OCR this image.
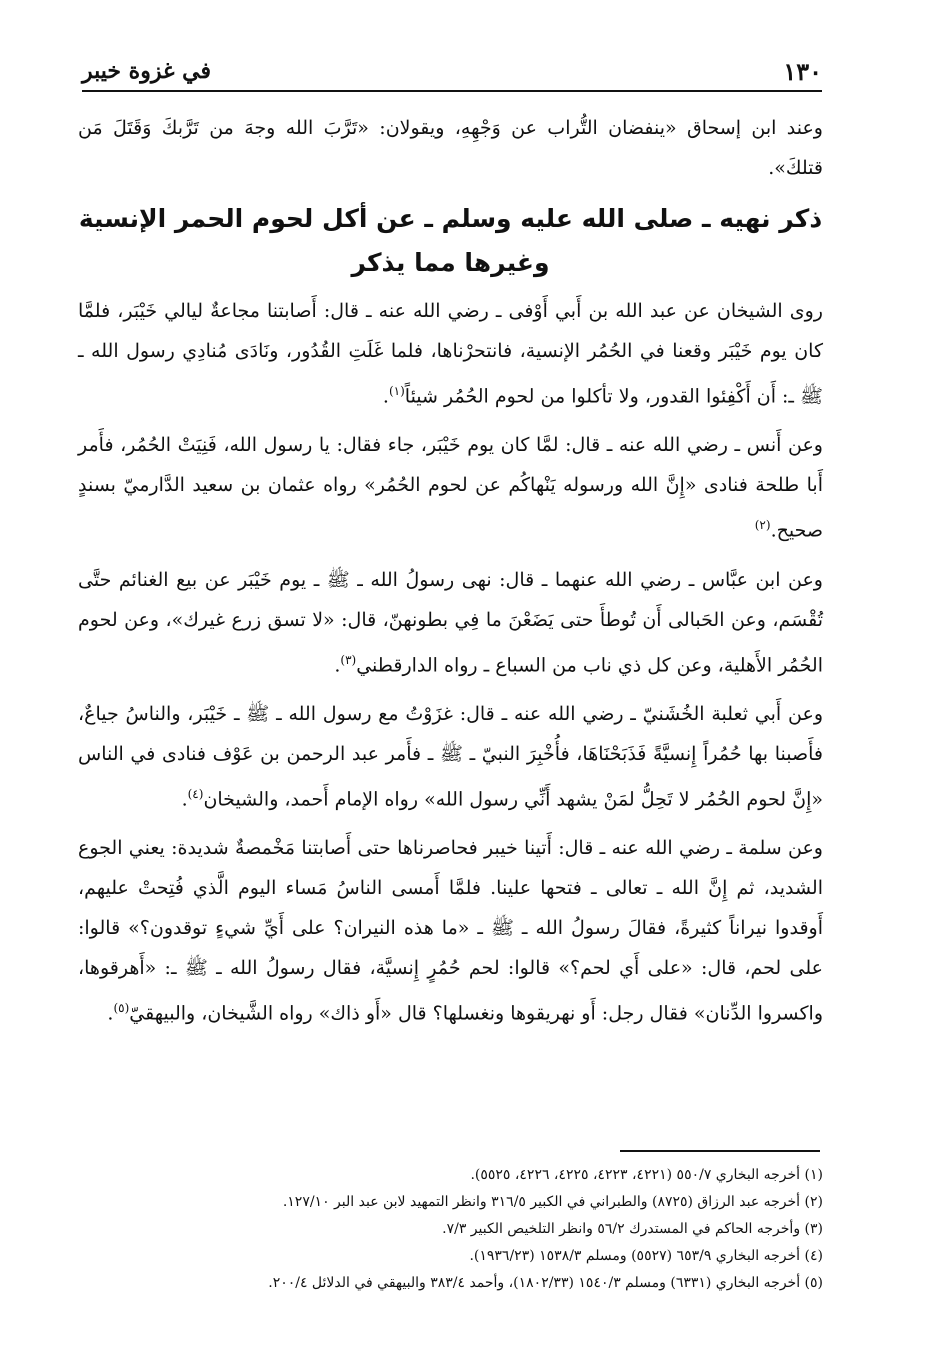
١٣٠
في غزوة خيبر

وعند ابن إسحاق «ينفضان التُّراب عن وَجْهِهِ، ويقولان: «تَرَّبَ الله وجهَ من تَرَّبكَ وَقَتَلَ مَن قتلكَ».

ذكر نهيه ـ صلى الله عليه وسلم ـ عن أكل لحوم الحمر الإنسية
وغيرها مما يذكر

روى الشيخان عن عبد الله بن أَبي أَوْفى ـ رضي الله عنه ـ قال: أَصابتنا مجاعةٌ ليالي خَيْبَر، فلمَّا كان يوم خَيْبَر وقعنا في الحُمُر الإنسية، فانتحرْناها، فلما غَلَتِ القُدُور، ونَادَى مُنادِي رسول الله ـ ﷺ ـ: أَن أَكْفِئوا القدور، ولا تأكلوا من لحوم الحُمُر شيئاً$^{(١)}$.

وعن أَنس ـ رضي الله عنه ـ قال: لمَّا كان يوم خَيْبَر، جاء فقال: يا رسول الله، فَنِيَتْ الحُمُر، فأَمر أَبا طلحة فنادى «إِنَّ الله ورسوله يَنْهاكُم عن لحوم الحُمُر» رواه عثمان بن سعيد الدَّارميّ بسندٍ صحيح.$^{(٢)}$

وعن ابن عبَّاس ـ رضي الله عنهما ـ قال: نهى رسولُ الله ـ ﷺ ـ يوم خَيْبَر عن بيع الغنائم حتَّى تُقْسَم، وعن الحَبالى أَن تُوطأَ حتى يَضَعْنَ ما فِي بطونهنّ، قال: «لا تسق زرع غيرك»، وعن لحوم الحُمُر الأَهلية، وعن كل ذي ناب من السباع ـ رواه الدارقطني$^{(٣)}$.

وعن أَبي ثعلبة الخُشَنيّ ـ رضي الله عنه ـ قال: غزَوْتُ مع رسول الله ـ ﷺ ـ خَيْبَر، والناسُ جياعٌ، فأَصبنا بها حُمُراً إِنسيَّةً فَذَبَحْنَاهَا، فأُخْبِرَ النبيّ ـ ﷺ ـ فأَمر عبد الرحمن بن عَوْف فنادى في الناس «إِنَّ لحوم الحُمُر لا تَحِلُّ لمَنْ يشهد أَنِّي رسول الله» رواه الإمام أَحمد، والشيخان$^{(٤)}$.

وعن سلمة ـ رضي الله عنه ـ قال: أَتينا خيبر فحاصرناها حتى أَصابتنا مَخْمصةٌ شديدة: يعني الجوع الشديد، ثم إِنَّ الله ـ تعالى ـ فتحها علينا. فلمَّا أَمسى الناسُ مَساء اليوم الَّذي فُتِحتْ عليهم، أَوقدوا نيراناً كثيرةً، فقالَ رسولُ الله ـ ﷺ ـ «ما هذه النيران؟ على أَيِّ شيءٍ توقدون؟» قالوا: على لحم، قال: «على أَي لحم؟» قالوا: لحم حُمُرٍ إِنسيَّة، فقال رسولُ الله ـ ﷺ ـ: «أَهرقوها، واكسروا الدِّنان» فقال رجل: أَو نهريقوها ونغسلها؟ قال «أَو ذاك» رواه الشَّيخان، والبيهقيّ$^{(٥)}$.

(١) أخرجه البخاري ٥٥٠/٧ (٤٢٢١، ٤٢٢٣، ٤٢٢٥، ٤٢٢٦، ٥٥٢٥).
(٢) أخرجه عبد الرزاق (٨٧٢٥) والطبراني في الكبير ٣١٦/٥ وانظر التمهيد لابن عبد البر ١٢٧/١٠.
(٣) وأخرجه الحاكم في المستدرك ٥٦/٢ وانظر التلخيص الكبير ٧/٣.
(٤) أخرجه البخاري ٦٥٣/٩ (٥٥٢٧) ومسلم ١٥٣٨/٣ (١٩٣٦/٢٣).
(٥) أخرجه البخاري (٦٣٣١) ومسلم ١٥٤٠/٣ (١٨٠٢/٣٣)، وأحمد ٣٨٣/٤ والبيهقي في الدلائل ٢٠٠/٤.
